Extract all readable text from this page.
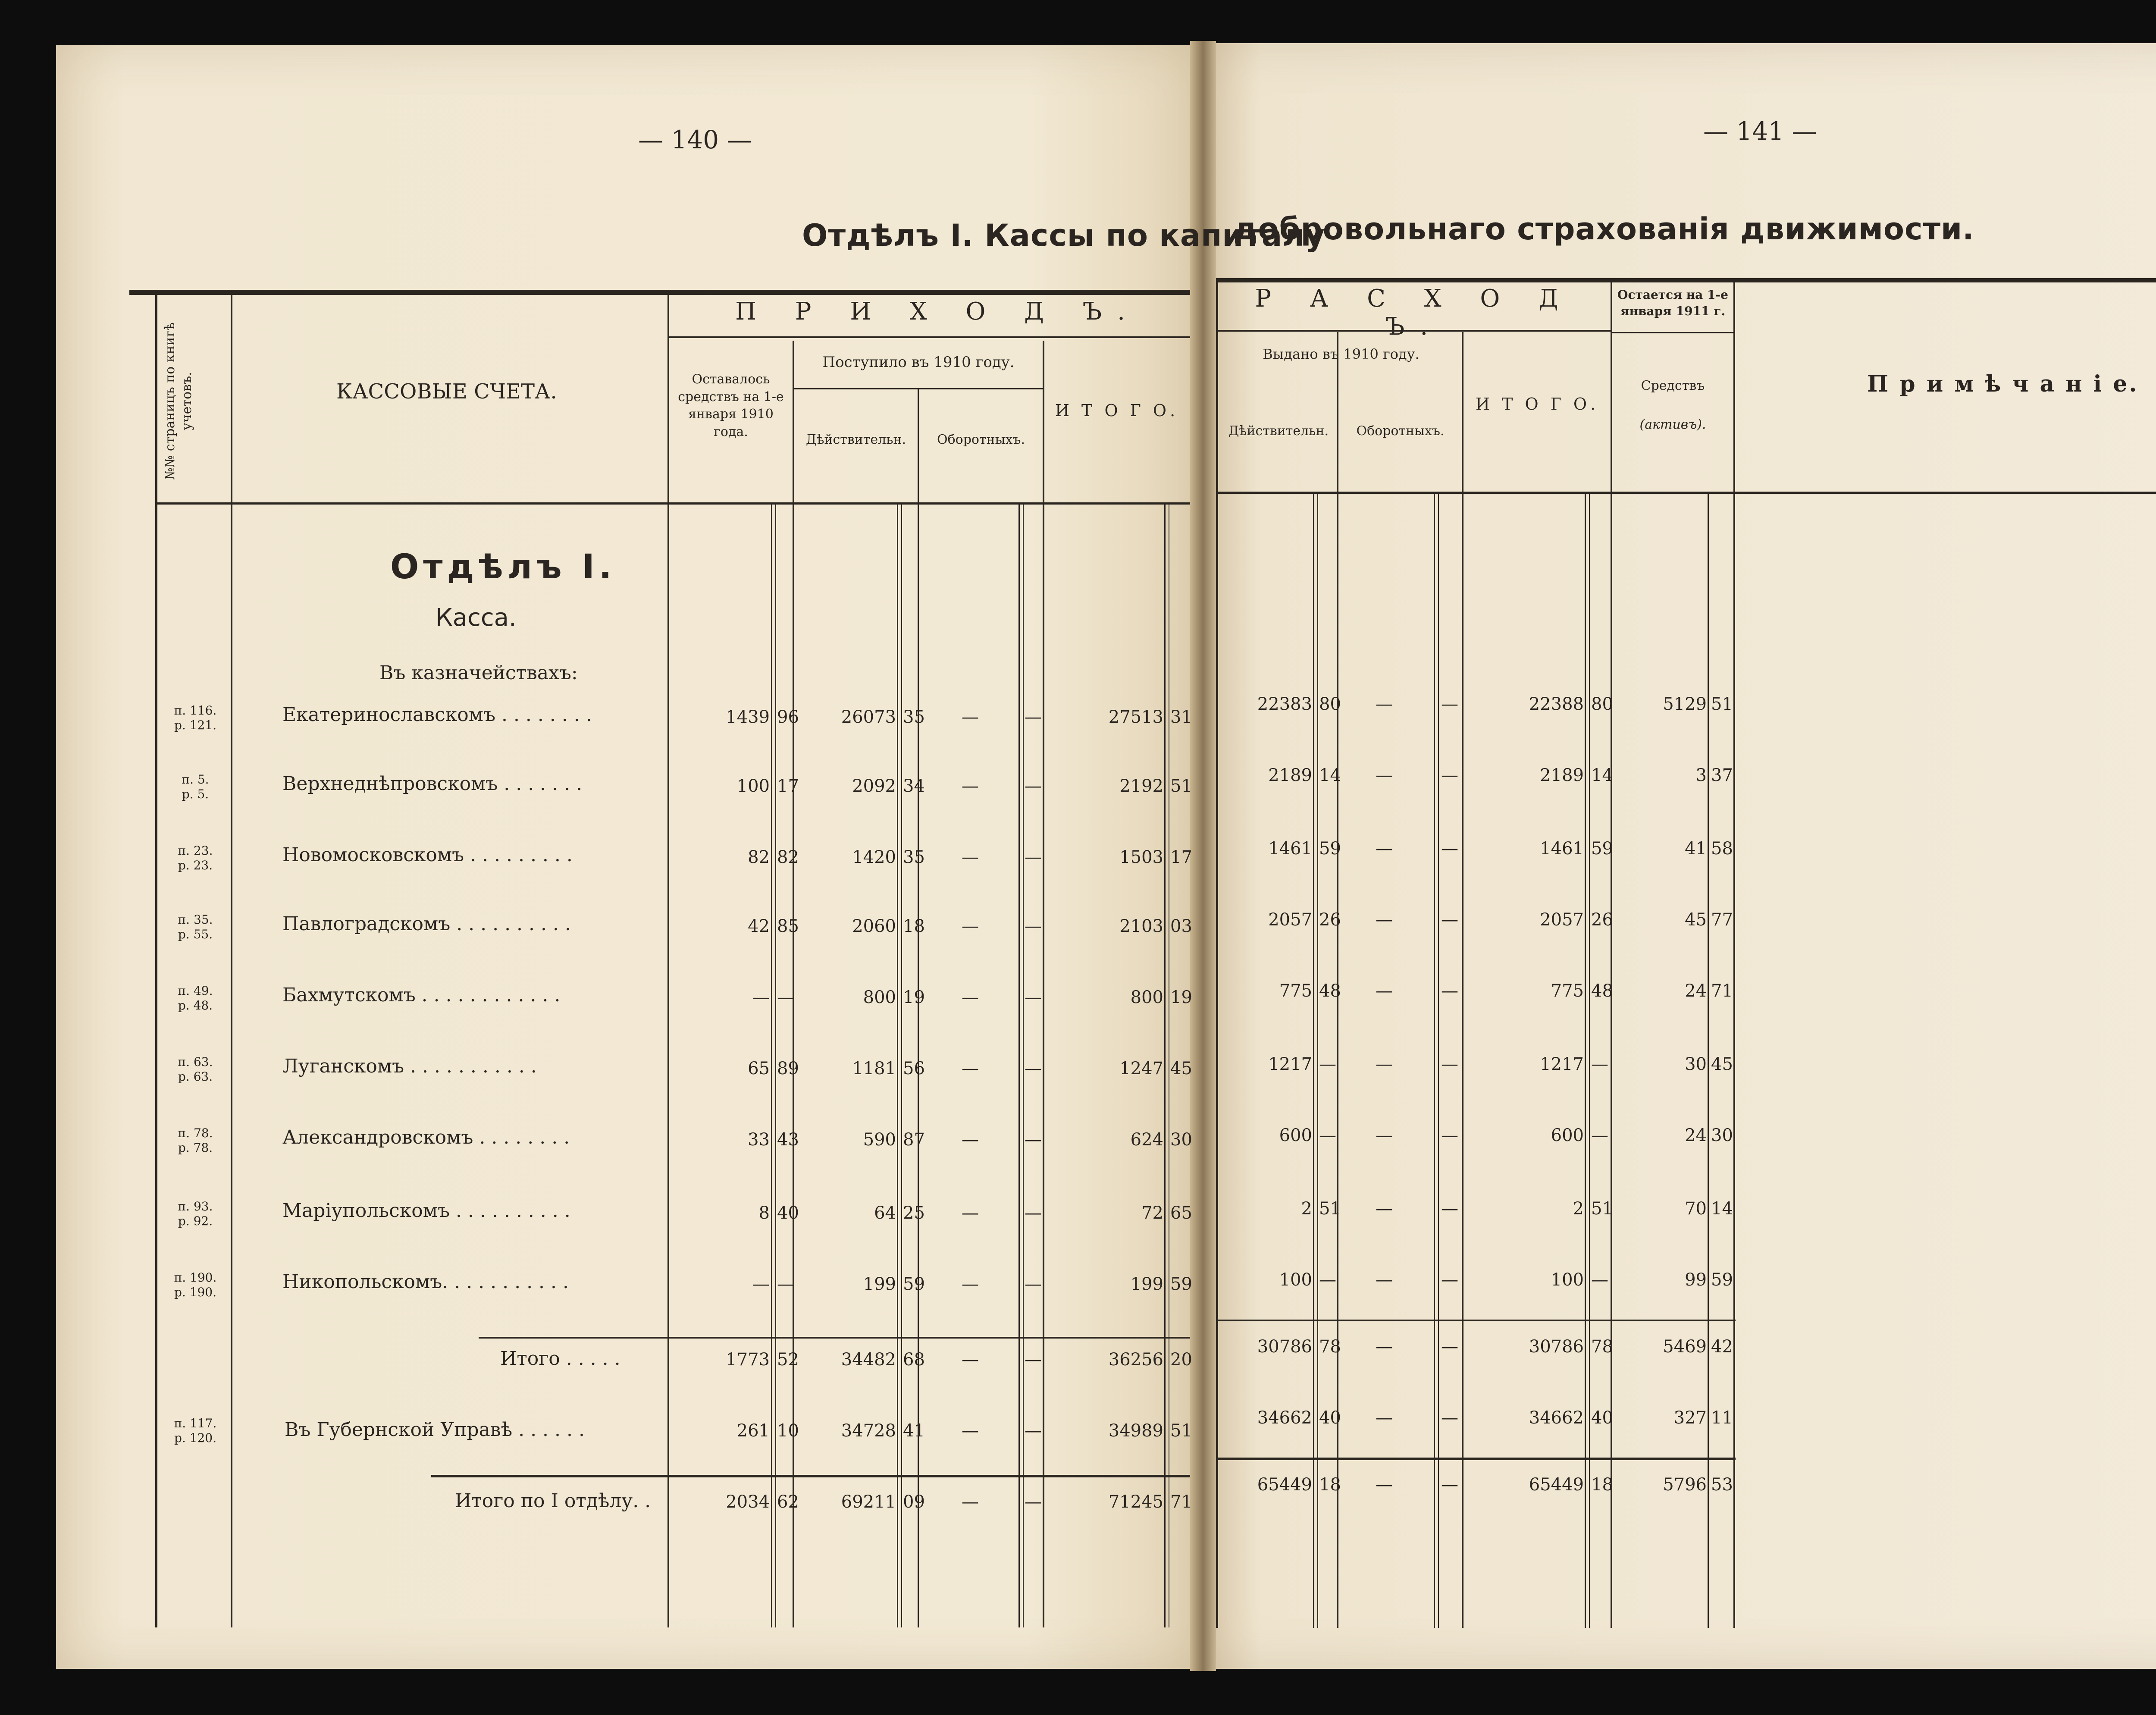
— 140 —
Отдѣлъ I. Кассы по капиталу
№№ страницъ по книгѣ учетовъ.	КАССОВЫЕ СЧЕТА.
П Р И Х О Д Ъ.
Оставалось средствъ на 1-е января 1910 года.
Поступило въ 1910 году.
Дѣйствительн.	Оборотныхъ.
И Т О Г О.
Отдѣлъ I.
Касса.
Въ казначействахъ:
п. 116.
р. 121.	Екатеринославскомъ . . . . . . . .	1439 96	26073 35	—	—	27513 31
п. 5.
р. 5.	Верхнеднѣпровскомъ . . . . . . .	100 17	2092 34	—	—	2192 51
п. 23.
р. 23.	Новомосковскомъ . . . . . . . . .	82 82	1420 35	—	—	1503 17
п. 35.
р. 55.	Павлоградскомъ . . . . . . . . . .	42 85	2060 18	—	—	2103 03
п. 49.
р. 48.	Бахмутскомъ . . . . . . . . . . . .	— —	800 19	—	—	800 19
п. 63.
р. 63.	Луганскомъ . . . . . . . . . . .	65 89	1181 56	—	—	1247 45
п. 78.
р. 78.	Александровскомъ . . . . . . . .	33 43	590 87	—	—	624 30
п. 93.
р. 92.	Маріупольскомъ . . . . . . . . . .	8 40	64 25	—	—	72 65
п. 190.
р. 190.	Никопольскомъ. . . . . . . . . . .	— —	199 59	—	—	199 59
Итого . . . . .	1773 52	34482 68	—	—	36256 20
п. 117.
р. 120.	Въ Губернской Управѣ . . . . . .	261 10	34728 41	—	—	34989 51
Итого по I отдѣлу. .	2034 62	69211 09	—	—	71245 71
— 141 —
добровольнаго страхованія движимости.
Р А С Х О Д Ъ.
Выдано въ 1910 году.
Дѣйствительн.	Оборотныхъ.
И Т О Г О.
Остается на 1-е января 1911 г.
Средствъ
(активъ).
П р и м ѣ ч а н і е.
22383 80	—	—	22388 80	5129 51
2189 14	—	—	2189 14	3 37
1461 59	—	—	1461 59	41 58
2057 26	—	—	2057 26	45 77
775 48	—	—	775 48	24 71
1217 —	—	—	1217 —	30 45
600 —	—	—	600 —	24 30
2 51	—	—	2 51	70 14
100 —	—	—	100 —	99 59
30786 78	—	—	30786 78	5469 42
34662 40	—	—	34662 40	327 11
65449 18	—	—	65449 18	5796 53
